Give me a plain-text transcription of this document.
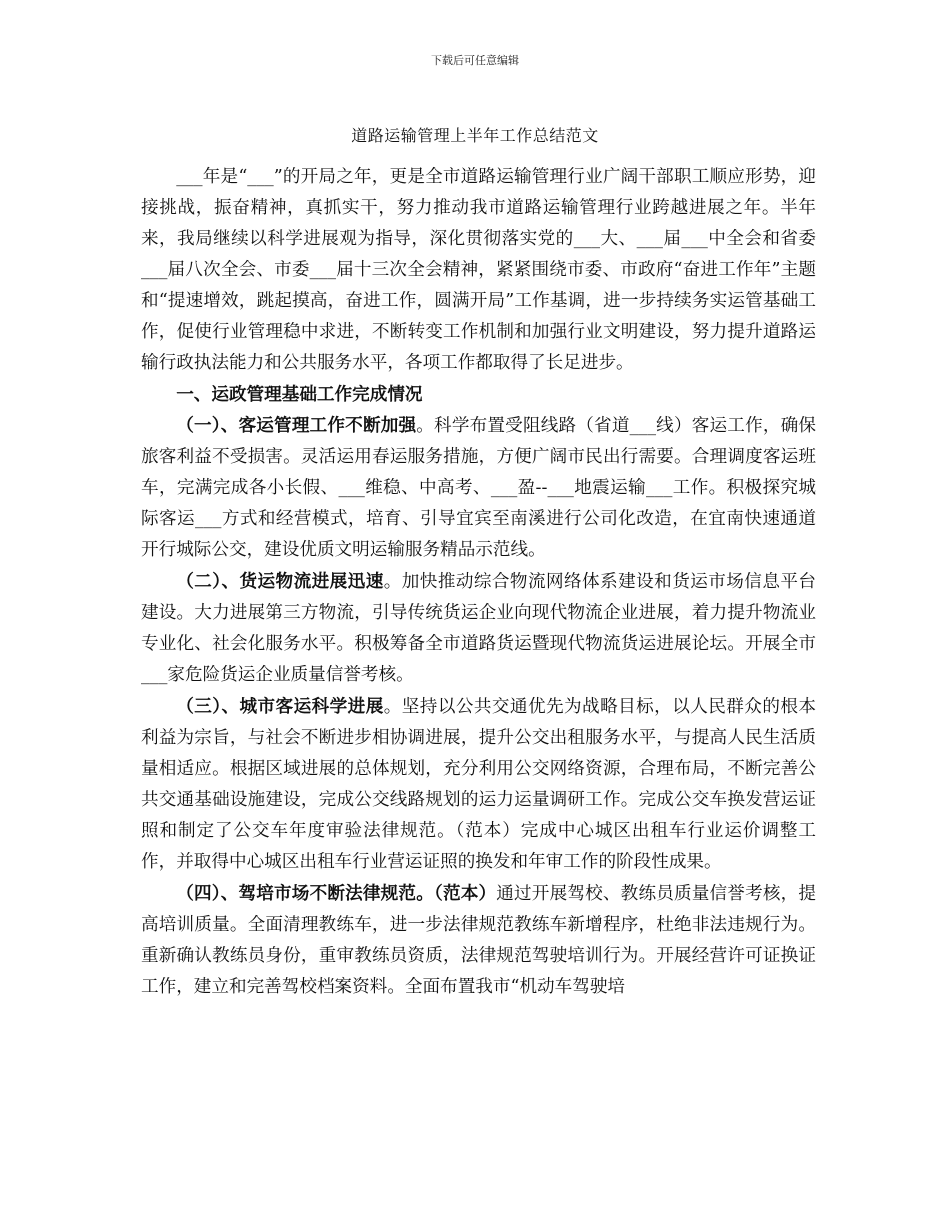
下载后可任意编辑
道路运输管理上半年工作总结范文

___年是“___”的开局之年，更是全市道路运输管理行业广阔干部职工顺应形势，迎接挑战，振奋精神，真抓实干，努力推动我市道路运输管理行业跨越进展之年。半年来，我局继续以科学进展观为指导，深化贯彻落实党的___大、___届___中全会和省委___届八次全会、市委___届十三次全会精神，紧紧围绕市委、市政府“奋进工作年”主题和“提速增效，跳起摸高，奋进工作，圆满开局”工作基调，进一步持续务实运管基础工作，促使行业管理稳中求进，不断转变工作机制和加强行业文明建设，努力提升道路运输行政执法能力和公共服务水平，各项工作都取得了长足进步。

一、运政管理基础工作完成情况

（一）、客运管理工作不断加强。科学布置受阻线路（省道___线）客运工作，确保旅客利益不受损害。灵活运用春运服务措施，方便广阔市民出行需要。合理调度客运班车，完满完成各小长假、___维稳、中高考、___盈--___地震运输___工作。积极探究城际客运___方式和经营模式，培育、引导宜宾至南溪进行公司化改造，在宜南快速通道开行城际公交，建设优质文明运输服务精品示范线。

（二）、货运物流进展迅速。加快推动综合物流网络体系建设和货运市场信息平台建设。大力进展第三方物流，引导传统货运企业向现代物流企业进展，着力提升物流业专业化、社会化服务水平。积极筹备全市道路货运暨现代物流货运进展论坛。开展全市___家危险货运企业质量信誉考核。

（三）、城市客运科学进展。坚持以公共交通优先为战略目标，以人民群众的根本利益为宗旨，与社会不断进步相协调进展，提升公交出租服务水平，与提高人民生活质量相适应。根据区域进展的总体规划，充分利用公交网络资源，合理布局，不断完善公共交通基础设施建设，完成公交线路规划的运力运量调研工作。完成公交车换发营运证照和制定了公交车年度审验法律规范。（范本）完成中心城区出租车行业运价调整工作，并取得中心城区出租车行业营运证照的换发和年审工作的阶段性成果。

（四）、驾培市场不断法律规范。（范本）通过开展驾校、教练员质量信誉考核，提高培训质量。全面清理教练车，进一步法律规范教练车新增程序，杜绝非法违规行为。重新确认教练员身份，重审教练员资质，法律规范驾驶培训行为。开展经营许可证换证工作，建立和完善驾校档案资料。全面布置我市“机动车驾驶培
